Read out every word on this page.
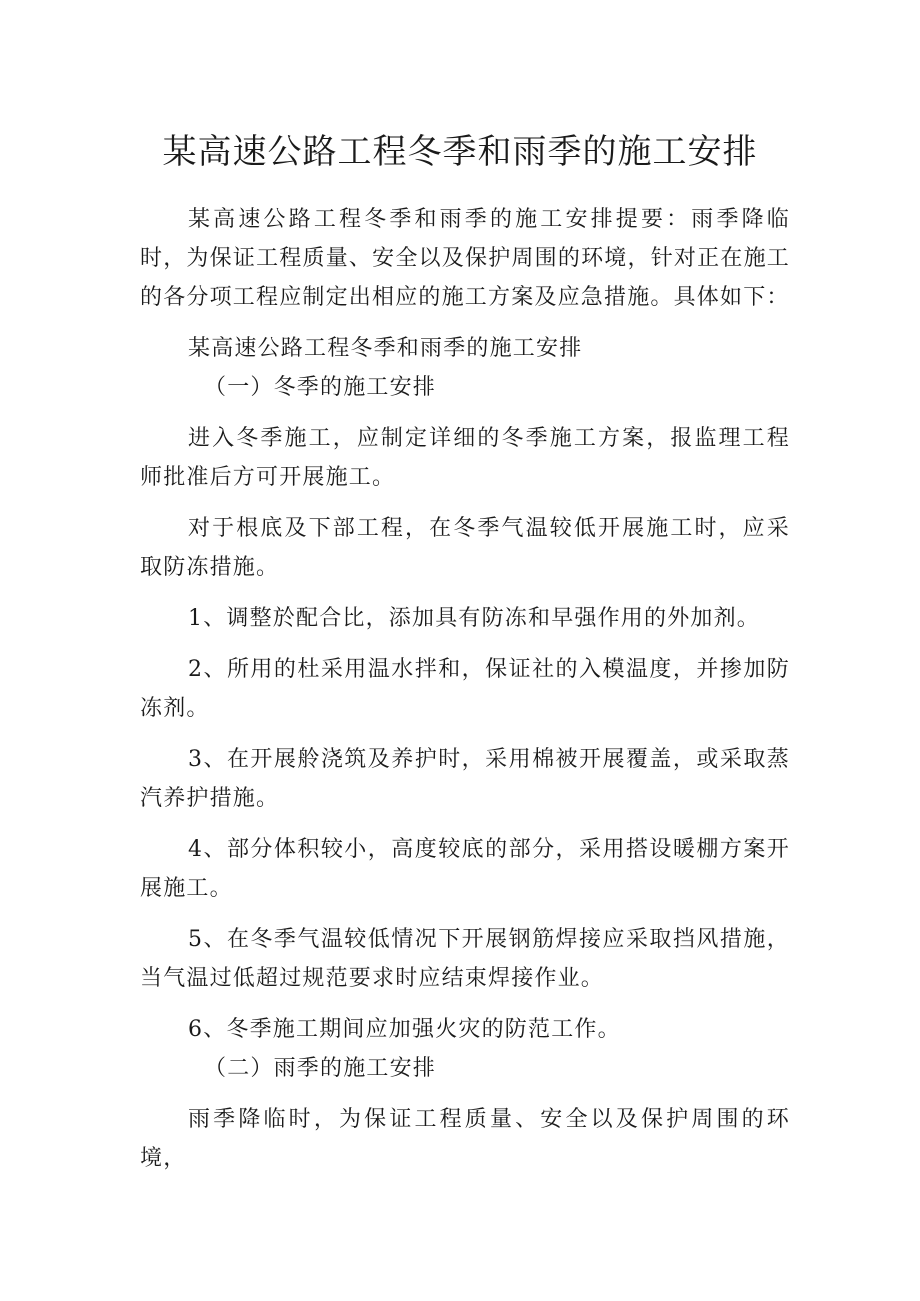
某高速公路工程冬季和雨季的施工安排

某高速公路工程冬季和雨季的施工安排提要：雨季降临时，为保证工程质量、安全以及保护周围的环境，针对正在施工的各分项工程应制定出相应的施工方案及应急措施。具体如下：

某高速公路工程冬季和雨季的施工安排

（一）冬季的施工安排

进入冬季施工，应制定详细的冬季施工方案，报监理工程师批准后方可开展施工。

对于根底及下部工程，在冬季气温较低开展施工时，应采取防冻措施。

1、调整於配合比，添加具有防冻和早强作用的外加剂。

2、所用的杜采用温水拌和，保证社的入模温度，并掺加防冻剂。

3、在开展舲浇筑及养护时，采用棉被开展覆盖，或采取蒸汽养护措施。

4、部分体积较小，高度较底的部分，采用搭设暖棚方案开展施工。

5、在冬季气温较低情况下开展钢筋焊接应采取挡风措施，当气温过低超过规范要求时应结束焊接作业。

6、冬季施工期间应加强火灾的防范工作。

（二）雨季的施工安排

雨季降临时，为保证工程质量、安全以及保护周围的环境，
